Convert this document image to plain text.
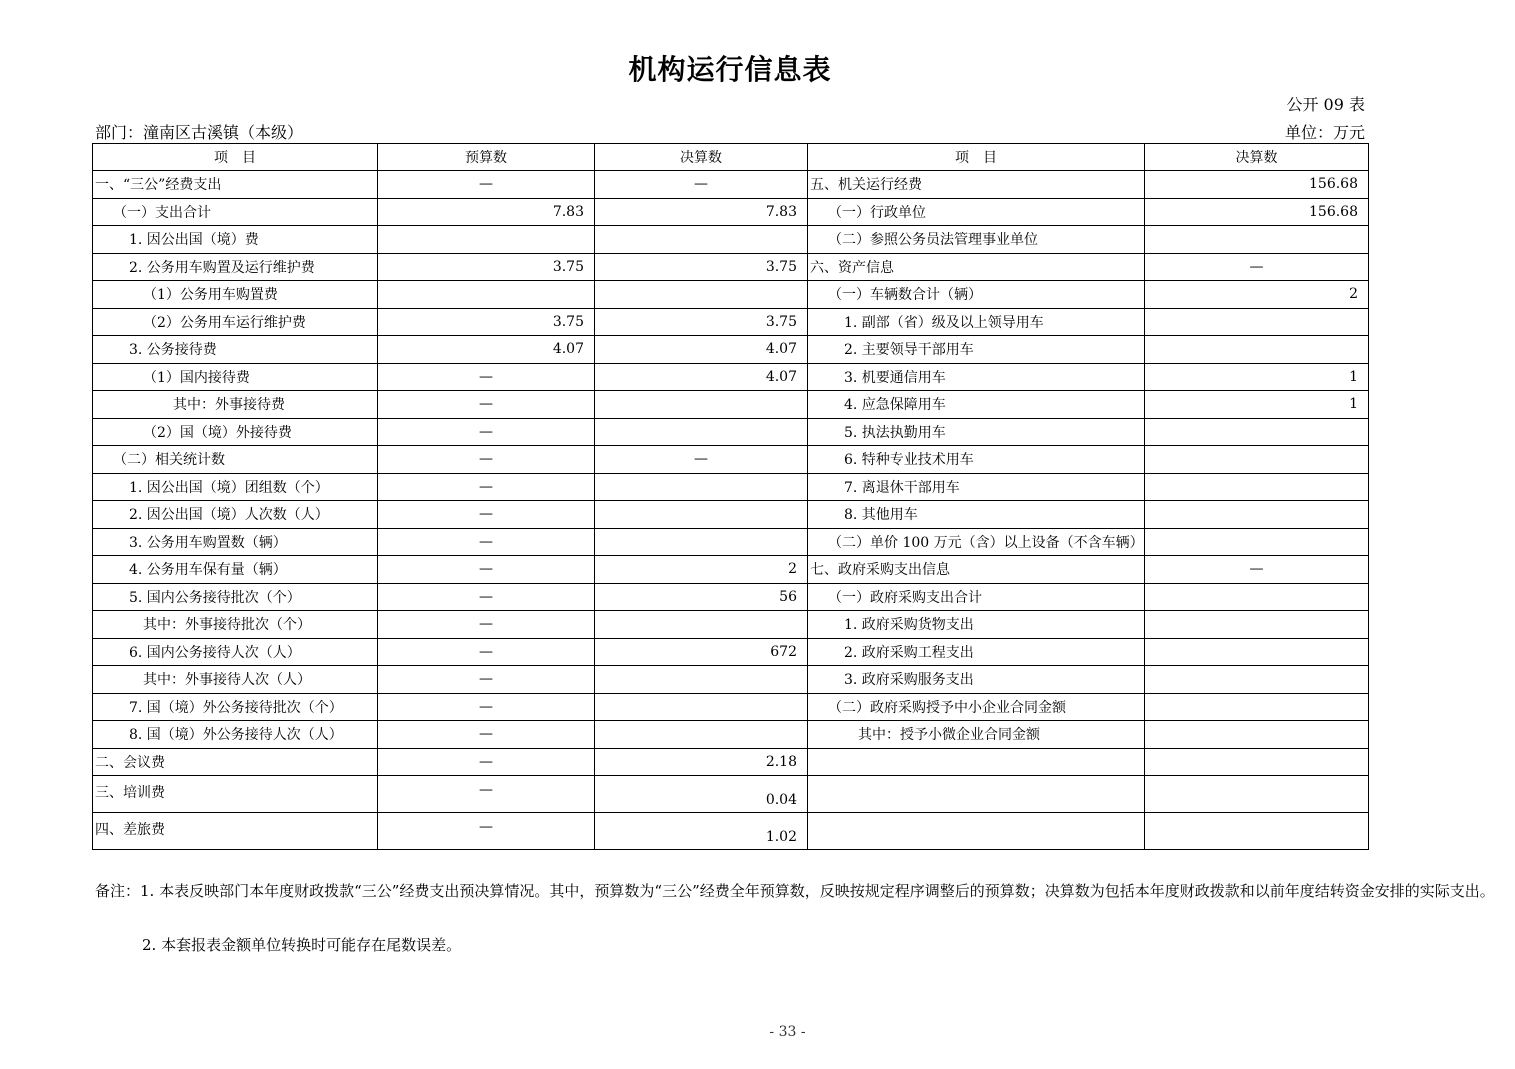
机构运行信息表
公开 09 表
部门：潼南区古溪镇（本级）	单位：万元
项　目	预算数	决算数	项　目	决算数
一、“三公”经费支出	—	—	五、机关运行经费	156.68
（一）支出合计	7.83	7.83	（一）行政单位	156.68
1. 因公出国（境）费			（二）参照公务员法管理事业单位	
2. 公务用车购置及运行维护费	3.75	3.75	六、资产信息	—
（1）公务用车购置费			（一）车辆数合计（辆）	2
（2）公务用车运行维护费	3.75	3.75	1. 副部（省）级及以上领导用车	
3. 公务接待费	4.07	4.07	2. 主要领导干部用车	
（1）国内接待费	—	4.07	3. 机要通信用车	1
其中：外事接待费	—		4. 应急保障用车	1
（2）国（境）外接待费	—		5. 执法执勤用车	
（二）相关统计数	—	—	6. 特种专业技术用车	
1. 因公出国（境）团组数（个）	—		7. 离退休干部用车	
2. 因公出国（境）人次数（人）	—		8. 其他用车	
3. 公务用车购置数（辆）	—		（二）单价 100 万元（含）以上设备（不含车辆）	
4. 公务用车保有量（辆）	—	2	七、政府采购支出信息	—
5. 国内公务接待批次（个）	—	56	（一）政府采购支出合计	
其中：外事接待批次（个）	—		1. 政府采购货物支出	
6. 国内公务接待人次（人）	—	672	2. 政府采购工程支出	
其中：外事接待人次（人）	—		3. 政府采购服务支出	
7. 国（境）外公务接待批次（个）	—		（二）政府采购授予中小企业合同金额	
8. 国（境）外公务接待人次（人）	—		其中：授予小微企业合同金额	
二、会议费	—	2.18		
三、培训费	—	0.04		
四、差旅费	—	1.02		
备注：1. 本表反映部门本年度财政拨款“三公”经费支出预决算情况。其中，预算数为“三公”经费全年预算数，反映按规定程序调整后的预算数；决算数为包括本年度财政拨款和以前年度结转资金安排的实际支出。
2. 本套报表金额单位转换时可能存在尾数误差。
- 33 -
